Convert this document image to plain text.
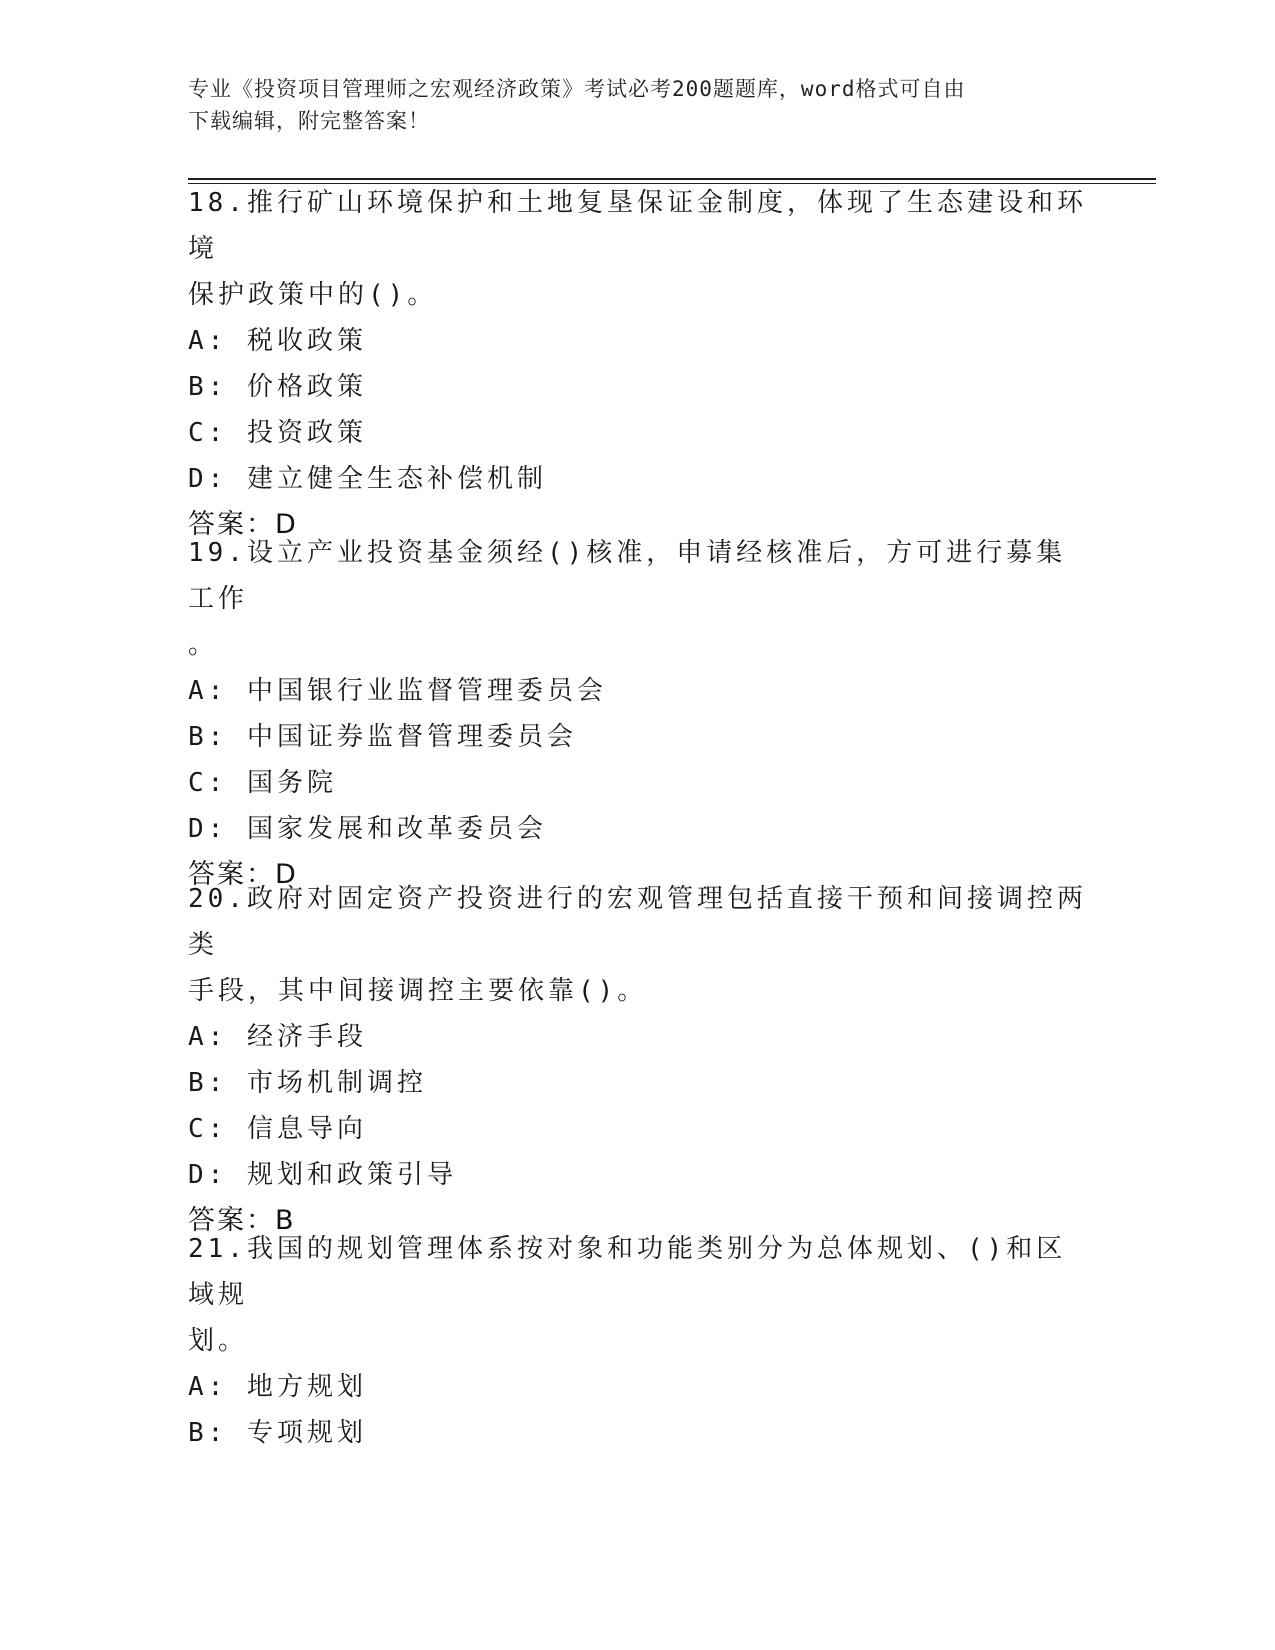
专业《投资项目管理师之宏观经济政策》考试必考200题题库，word格式可自由
下载编辑，附完整答案！

18.推行矿山环境保护和土地复垦保证金制度，体现了生态建设和环境

保护政策中的()。

A: 税收政策

B: 价格政策

C: 投资政策

D: 建立健全生态补偿机制

答案：D

19.设立产业投资基金须经()核准，申请经核准后，方可进行募集工作

。

A: 中国银行业监督管理委员会

B: 中国证券监督管理委员会

C: 国务院

D: 国家发展和改革委员会

答案：D

20.政府对固定资产投资进行的宏观管理包括直接干预和间接调控两类

手段，其中间接调控主要依靠()。

A: 经济手段

B: 市场机制调控

C: 信息导向

D: 规划和政策引导

答案：B

21.我国的规划管理体系按对象和功能类别分为总体规划、()和区域规

划。

A: 地方规划

B: 专项规划
